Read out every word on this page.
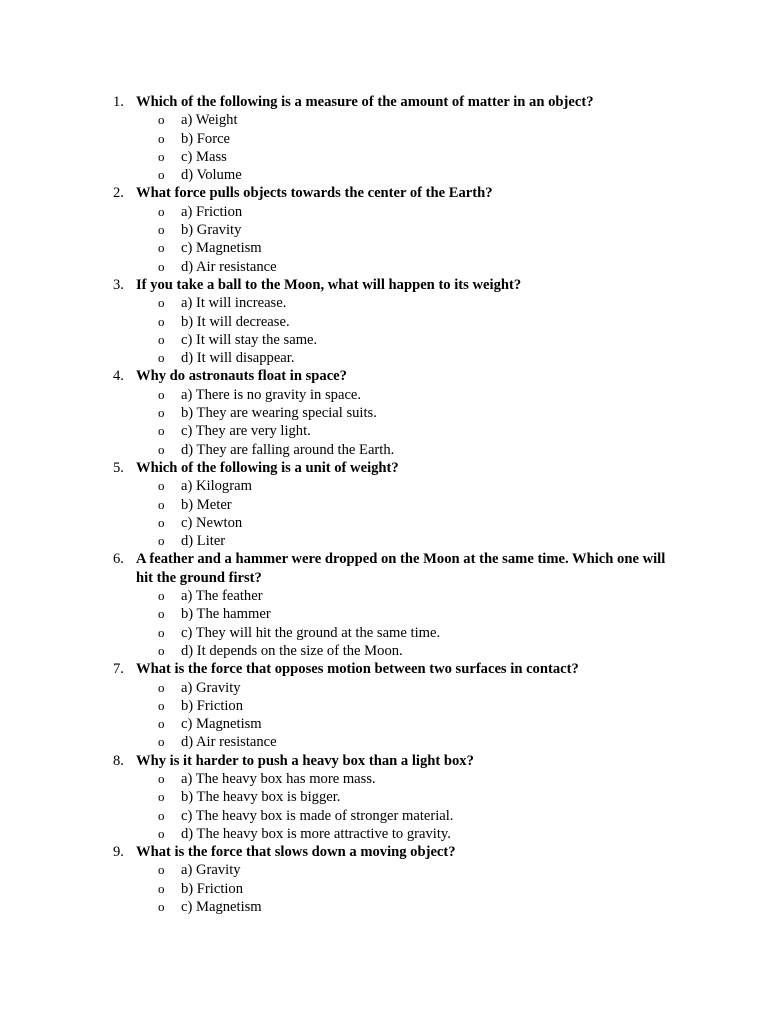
1. Which of the following is a measure of the amount of matter in an object?
o a) Weight
o b) Force
o c) Mass
o d) Volume
2. What force pulls objects towards the center of the Earth?
o a) Friction
o b) Gravity
o c) Magnetism
o d) Air resistance
3. If you take a ball to the Moon, what will happen to its weight?
o a) It will increase.
o b) It will decrease.
o c) It will stay the same.
o d) It will disappear.
4. Why do astronauts float in space?
o a) There is no gravity in space.
o b) They are wearing special suits.
o c) They are very light.
o d) They are falling around the Earth.
5. Which of the following is a unit of weight?
o a) Kilogram
o b) Meter
o c) Newton
o d) Liter
6. A feather and a hammer were dropped on the Moon at the same time. Which one will hit the ground first?
o a) The feather
o b) The hammer
o c) They will hit the ground at the same time.
o d) It depends on the size of the Moon.
7. What is the force that opposes motion between two surfaces in contact?
o a) Gravity
o b) Friction
o c) Magnetism
o d) Air resistance
8. Why is it harder to push a heavy box than a light box?
o a) The heavy box has more mass.
o b) The heavy box is bigger.
o c) The heavy box is made of stronger material.
o d) The heavy box is more attractive to gravity.
9. What is the force that slows down a moving object?
o a) Gravity
o b) Friction
o c) Magnetism
